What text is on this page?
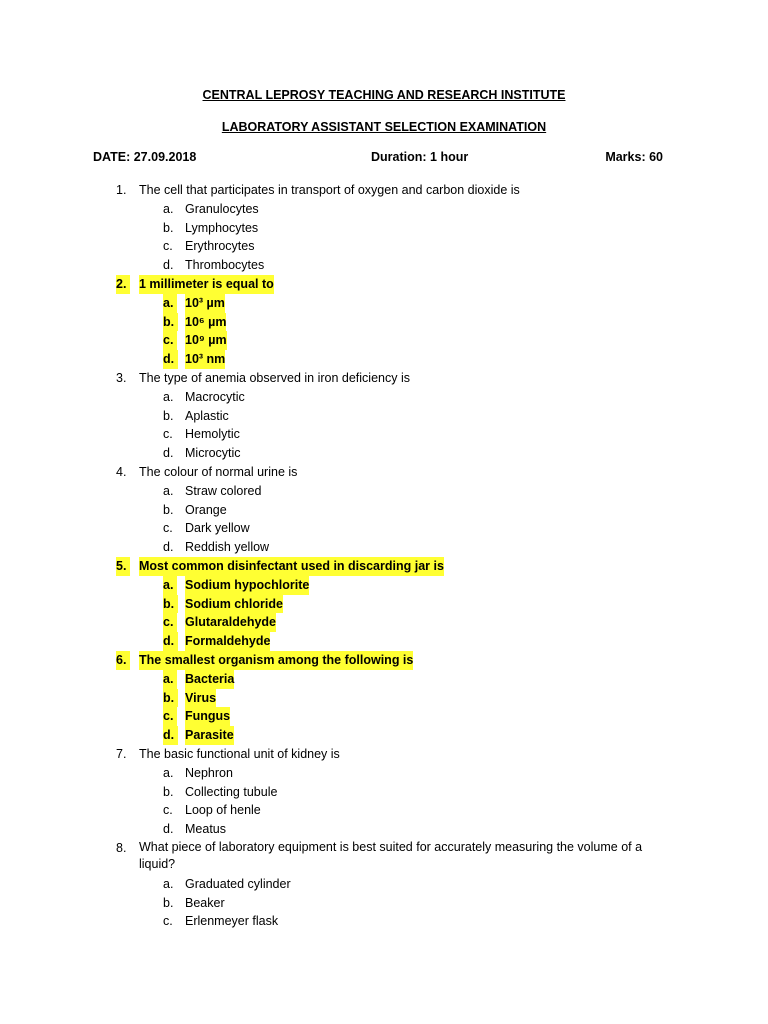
CENTRAL LEPROSY TEACHING AND RESEARCH INSTITUTE
LABORATORY ASSISTANT SELECTION EXAMINATION
DATE: 27.09.2018	Duration: 1 hour	Marks: 60
1. The cell that participates in transport of oxygen and carbon dioxide is
a. Granulocytes
b. Lymphocytes
c. Erythrocytes
d. Thrombocytes
2.	1 millimeter is equal to
a. 10³ µm
b. 10⁶ µm
c. 10⁹ µm
d. 10³ nm
3. The type of anemia observed in iron deficiency is
a. Macrocytic
b. Aplastic
c. Hemolytic
d. Microcytic
4. The colour of normal urine is
a. Straw colored
b. Orange
c. Dark yellow
d. Reddish yellow
5.	Most common disinfectant used in discarding jar is
a. Sodium hypochlorite
b. Sodium chloride
c. Glutaraldehyde
d. Formaldehyde
6.	The smallest organism among the following is
a. Bacteria
b. Virus
c. Fungus
d. Parasite
7. The basic functional unit of kidney is
a. Nephron
b. Collecting tubule
c. Loop of henle
d. Meatus
8. What piece of laboratory equipment is best suited for accurately measuring the volume of a liquid?
a. Graduated cylinder
b. Beaker
c. Erlenmeyer flask
